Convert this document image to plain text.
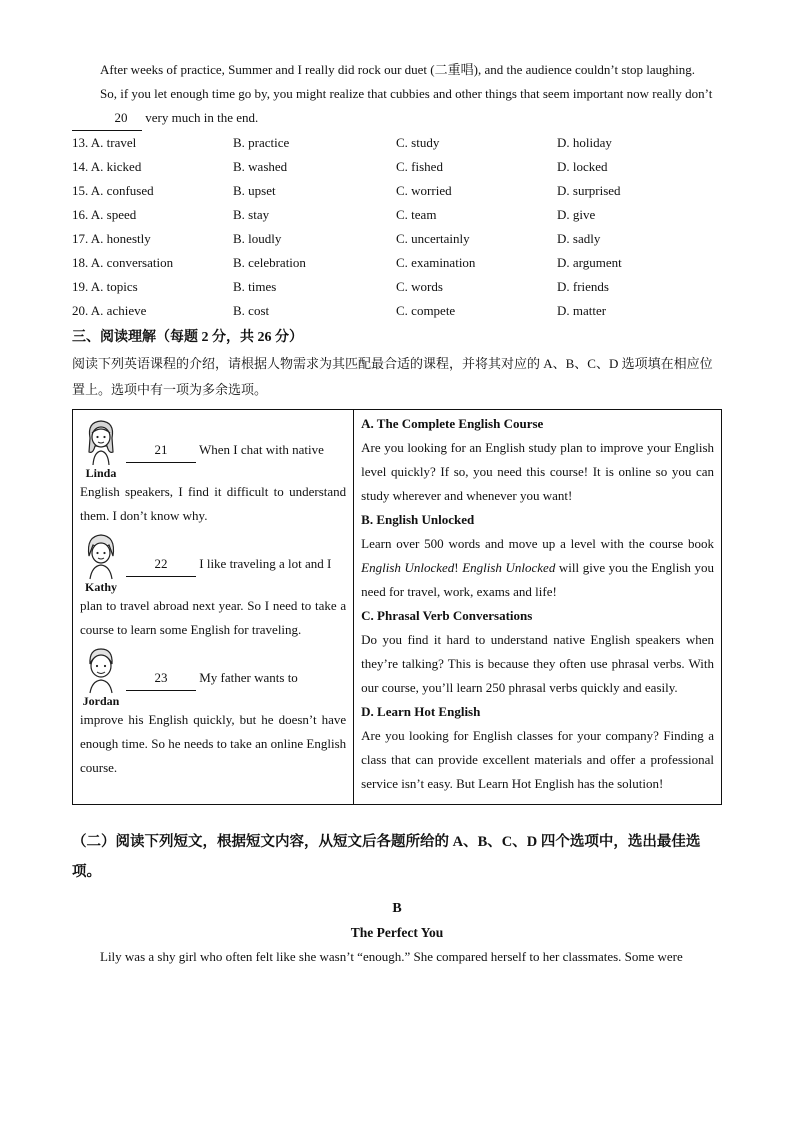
After weeks of practice, Summer and I really did rock our duet (二重唱), and the audience couldn’t stop laughing.

So, if you let enough time go by, you might realize that cubbies and other things that seem important now really don’t 20 very much in the end.

13. A. travel	B. practice	C. study	D. holiday
14. A. kicked	B. washed	C. fished	D. locked
15. A. confused	B. upset	C. worried	D. surprised
16. A. speed	B. stay	C. team	D. give
17. A. honestly	B. loudly	C. uncertainly	D. sadly
18. A. conversation	B. celebration	C. examination	D. argument
19. A. topics	B. times	C. words	D. friends
20. A. achieve	B. cost	C. compete	D. matter

三、阅读理解（每题 2 分，共 26 分）

阅读下列英语课程的介绍，请根据人物需求为其匹配最合适的课程，并将其对应的 A、B、C、D 选项填在相应位置上。选项中有一项为多余选项。

Linda
21 When I chat with native
English speakers, I find it difficult to understand them. I don’t know why.
Kathy
22 I like traveling a lot and I
plan to travel abroad next year. So I need to take a course to learn some English for traveling.
Jordan
23 My father wants to
improve his English quickly, but he doesn’t have enough time. So he needs to take an online English course.

A. The Complete English Course
Are you looking for an English study plan to improve your English level quickly? If so, you need this course! It is online so you can study wherever and whenever you want!
B. English Unlocked
Learn over 500 words and move up a level with the course book English Unlocked! English Unlocked will give you the English you need for travel, work, exams and life!
C. Phrasal Verb Conversations
Do you find it hard to understand native English speakers when they’re talking? This is because they often use phrasal verbs. With our course, you’ll learn 250 phrasal verbs quickly and easily.
D. Learn Hot English
Are you looking for English classes for your company? Finding a class that can provide excellent materials and offer a professional service isn’t easy. But Learn Hot English has the solution!
（二）阅读下列短文，根据短文内容，从短文后各题所给的 A、B、C、D 四个选项中，选出最佳选项。
B
The Perfect You

Lily was a shy girl who often felt like she wasn’t “enough.” She compared herself to her classmates. Some were
